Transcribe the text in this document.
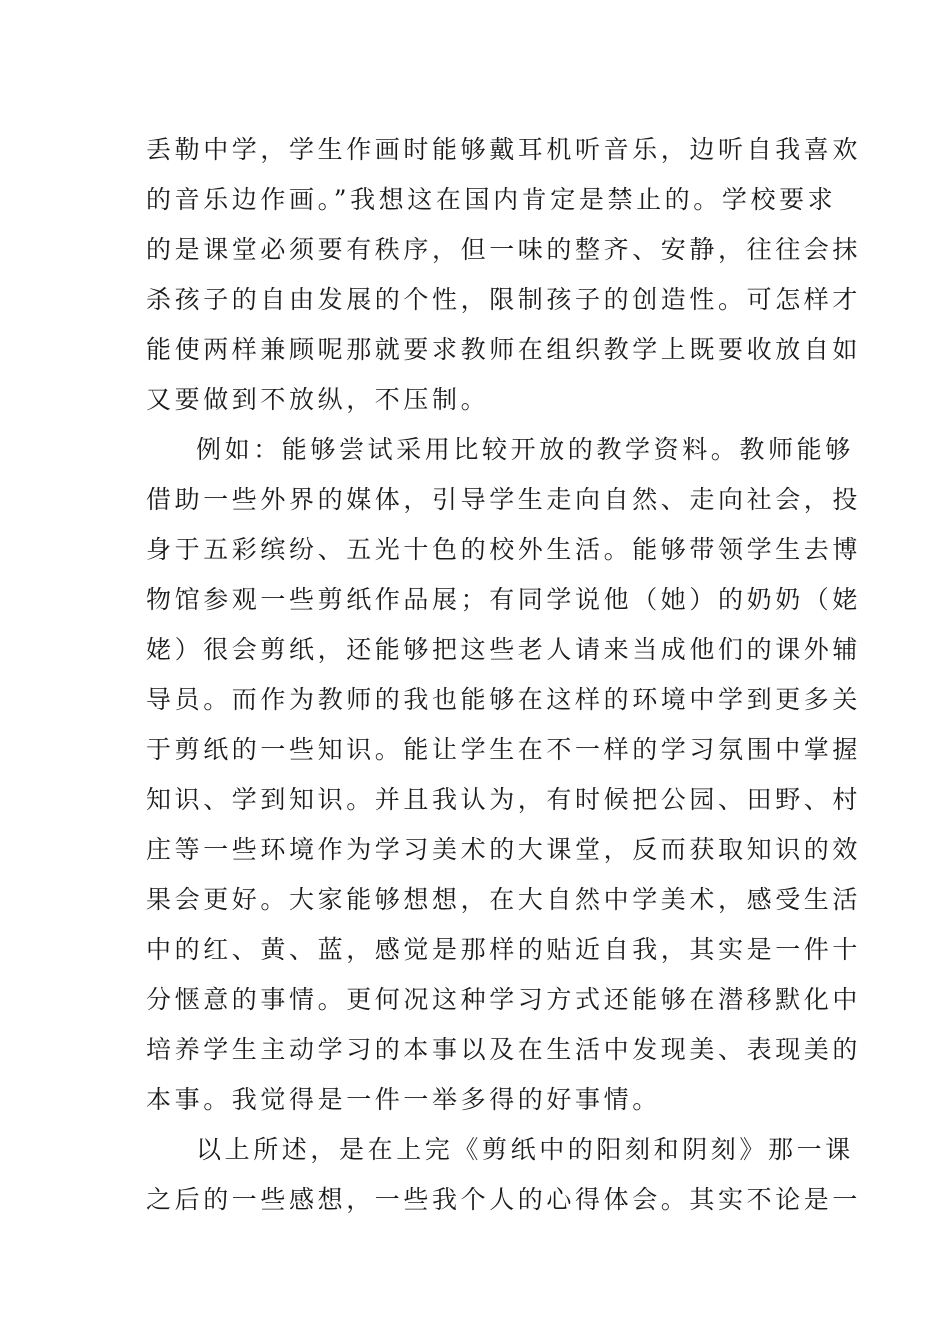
丢勒中学，学生作画时能够戴耳机听音乐，边听自我喜欢
的音乐边作画。”我想这在国内肯定是禁止的。学校要求
的是课堂必须要有秩序，但一味的整齐、安静，往往会抹
杀孩子的自由发展的个性，限制孩子的创造性。可怎样才
能使两样兼顾呢那就要求教师在组织教学上既要收放自如
又要做到不放纵，不压制。
例如：能够尝试采用比较开放的教学资料。教师能够
借助一些外界的媒体，引导学生走向自然、走向社会，投
身于五彩缤纷、五光十色的校外生活。能够带领学生去博
物馆参观一些剪纸作品展；有同学说他（她）的奶奶（姥
姥）很会剪纸，还能够把这些老人请来当成他们的课外辅
导员。而作为教师的我也能够在这样的环境中学到更多关
于剪纸的一些知识。能让学生在不一样的学习氛围中掌握
知识、学到知识。并且我认为，有时候把公园、田野、村
庄等一些环境作为学习美术的大课堂，反而获取知识的效
果会更好。大家能够想想，在大自然中学美术，感受生活
中的红、黄、蓝，感觉是那样的贴近自我，其实是一件十
分惬意的事情。更何况这种学习方式还能够在潜移默化中
培养学生主动学习的本事以及在生活中发现美、表现美的
本事。我觉得是一件一举多得的好事情。
以上所述，是在上完《剪纸中的阳刻和阴刻》那一课
之后的一些感想，一些我个人的心得体会。其实不论是一
